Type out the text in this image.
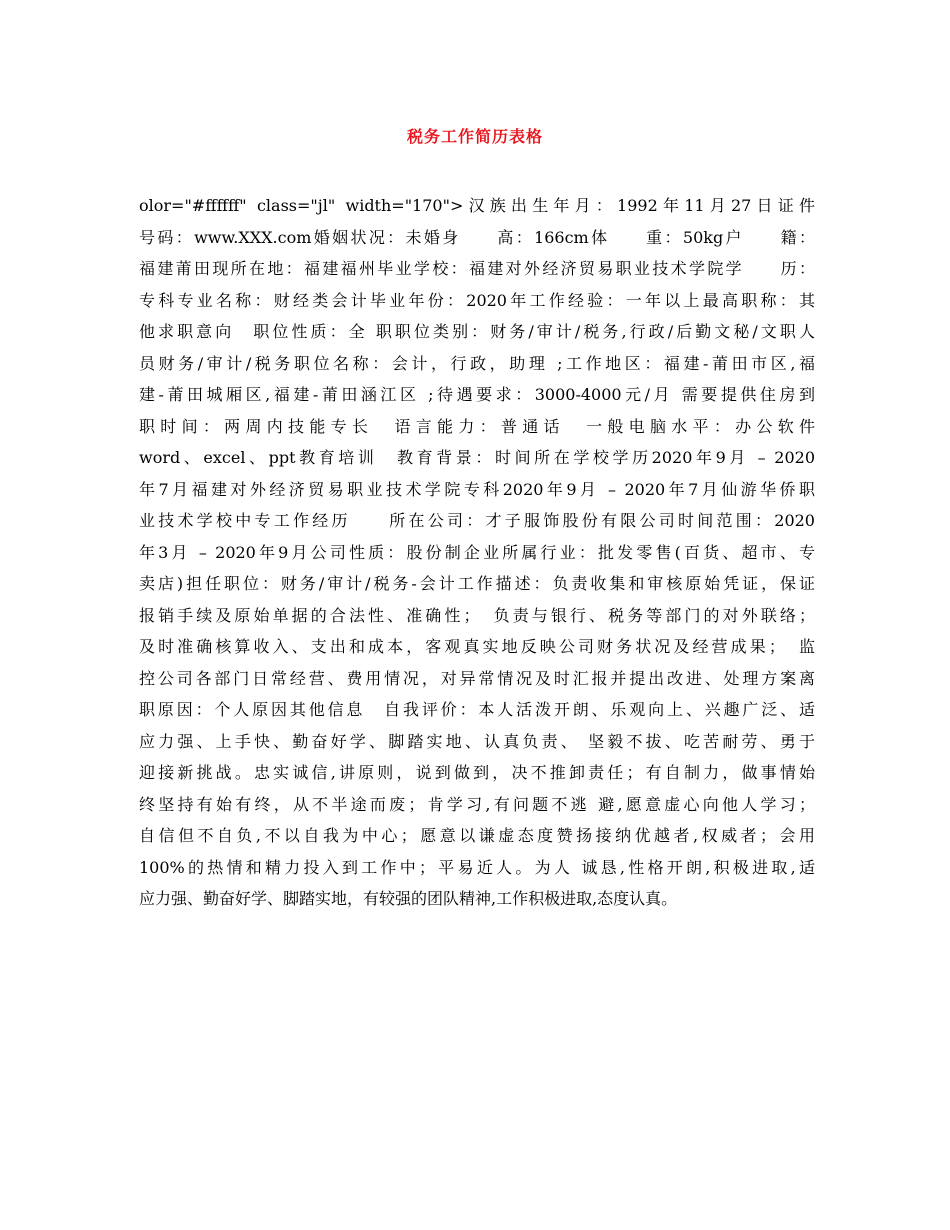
税务工作简历表格
olor="#ffffff" class="jl" width="170">汉族出生年月：1992年11月27日证件
号码：www.XXX.com婚姻状况：未婚身　　高：166cm体　　重：50kg户　　籍：
福建莆田现所在地：福建福州毕业学校：福建对外经济贸易职业技术学院学　　历：
专科专业名称：财经类会计毕业年份：2020年工作经验：一年以上最高职称：其
他求职意向　职位性质：全 职职位类别：财务/审计/税务,行政/后勤文秘/文职人
员财务/审计/税务职位名称：会计，行政，助理 ;工作地区：福建-莆田市区,福
建-莆田城厢区,福建-莆田涵江区 ;待遇要求：3000-4000元/月 需要提供住房到
职时间：两周内技能专长　语言能力：普通话　一般电脑水平：办公软件
word、excel、ppt教育培训　教育背景：时间所在学校学历2020年9月 – 2020
年7月福建对外经济贸易职业技术学院专科2020年9月 – 2020年7月仙游华侨职
业技术学校中专工作经历　　所在公司：才子服饰股份有限公司时间范围：2020
年3月 – 2020年9月公司性质：股份制企业所属行业：批发零售(百货、超市、专
卖店)担任职位：财务/审计/税务-会计工作描述：负责收集和审核原始凭证，保证
报销手续及原始单据的合法性、准确性；　负责与银行、税务等部门的对外联络；
及时准确核算收入、支出和成本，客观真实地反映公司财务状况及经营成果；　监
控公司各部门日常经营、费用情况，对异常情况及时汇报并提出改进、处理方案离
职原因：个人原因其他信息　自我评价：本人活泼开朗、乐观向上、兴趣广泛、适
应力强、上手快、勤奋好学、脚踏实地、认真负责、 坚毅不拔、吃苦耐劳、勇于
迎接新挑战。忠实诚信,讲原则，说到做到，决不推卸责任；有自制力，做事情始
终坚持有始有终，从不半途而废；肯学习,有问题不逃 避,愿意虚心向他人学习；
自信但不自负,不以自我为中心；愿意以谦虚态度赞扬接纳优越者,权威者；会用
100%的热情和精力投入到工作中；平易近人。为人 诚恳,性格开朗,积极进取,适
应力强、勤奋好学、脚踏实地，有较强的团队精神,工作积极进取,态度认真。
